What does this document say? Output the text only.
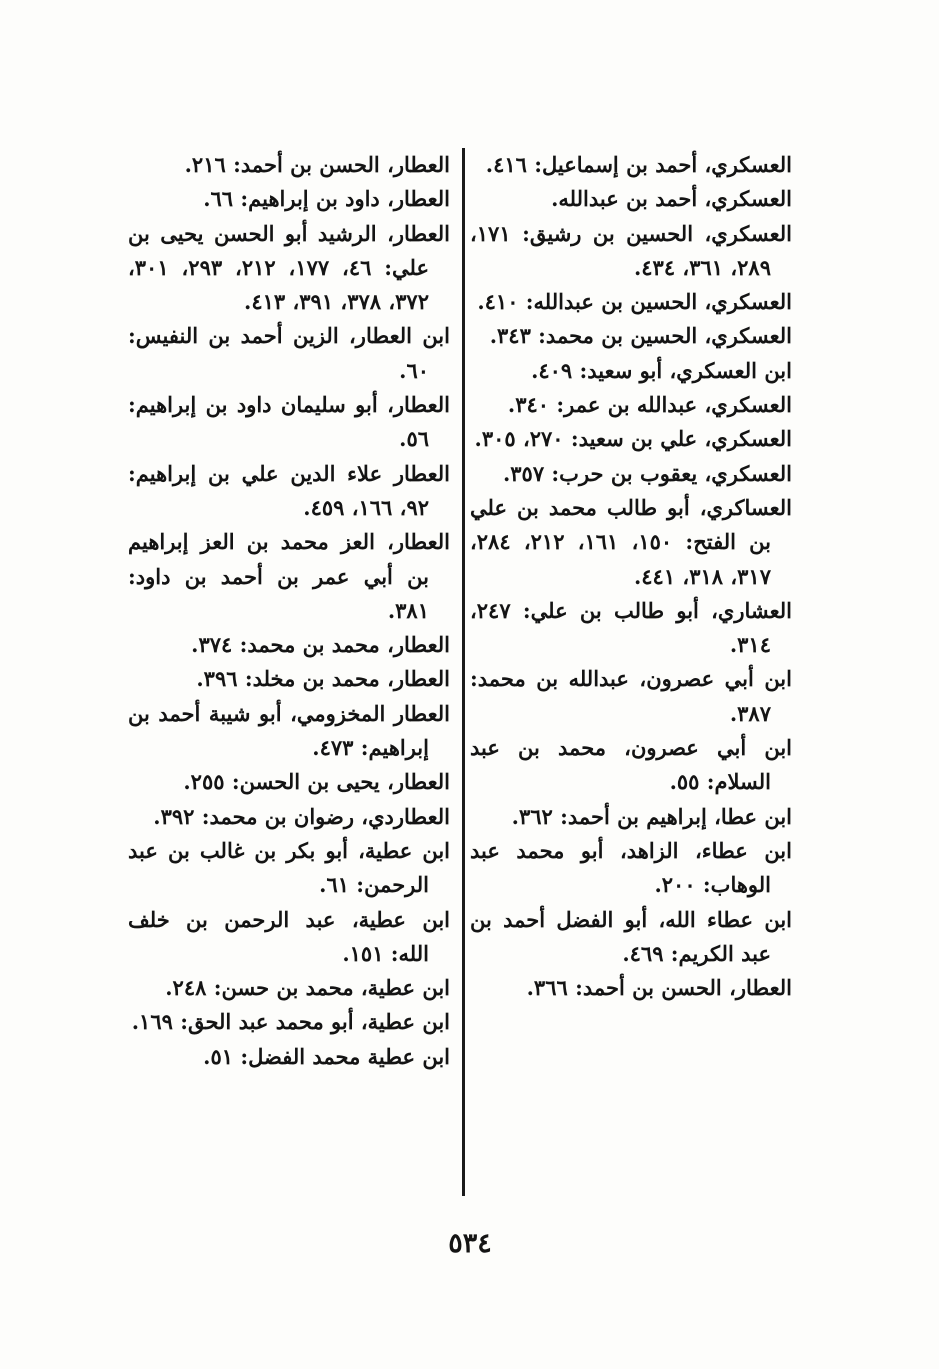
العسكري، أحمد بن إسماعيل: ٤١٦.

العسكري، أحمد بن عبدالله.

العسكري، الحسين بن رشيق: ١٧١، ٢٨٩، ٣٦١، ٤٣٤.

العسكري، الحسين بن عبدالله: ٤١٠.

العسكري، الحسين بن محمد: ٣٤٣.

ابن العسكري، أبو سعيد: ٤٠٩.

العسكري، عبدالله بن عمر: ٣٤٠.

العسكري، علي بن سعيد: ٢٧٠، ٣٠٥.

العسكري، يعقوب بن حرب: ٣٥٧.

العساكري، أبو طالب محمد بن علي بن الفتح: ١٥٠، ١٦١، ٢١٢، ٢٨٤، ٣١٧، ٣١٨، ٤٤١.

العشاري، أبو طالب بن علي: ٢٤٧، ٣١٤.

ابن أبي عصرون، عبدالله بن محمد: ٣٨٧.

ابن أبي عصرون، محمد بن عبد السلام: ٥٥.

ابن عطا، إبراهيم بن أحمد: ٣٦٢.

ابن عطاء، الزاهد، أبو محمد عبد الوهاب: ٢٠٠.

ابن عطاء الله، أبو الفضل أحمد بن عبد الكريم: ٤٦٩.

العطار، الحسن بن أحمد: ٣٦٦.

العطار، الحسن بن أحمد: ٢١٦.

العطار، داود بن إبراهيم: ٦٦.

العطار، الرشيد أبو الحسن يحيى بن علي: ٤٦، ١٧٧، ٢١٢، ٢٩٣، ٣٠١، ٣٧٢، ٣٧٨، ٣٩١، ٤١٣.

ابن العطار، الزين أحمد بن النفيس: ٦٠.

العطار، أبو سليمان داود بن إبراهيم: ٥٦.

العطار علاء الدين علي بن إبراهيم: ٩٢، ١٦٦، ٤٥٩.

العطار، العز محمد بن العز إبراهيم بن أبي عمر بن أحمد بن داود: ٣٨١.

العطار، محمد بن محمد: ٣٧٤.

العطار، محمد بن مخلد: ٣٩٦.

العطار المخزومي، أبو شيبة أحمد بن إبراهيم: ٤٧٣.

العطار، يحيى بن الحسن: ٢٥٥.

العطاردي، رضوان بن محمد: ٣٩٢.

ابن عطية، أبو بكر بن غالب بن عبد الرحمن: ٦١.

ابن عطية، عبد الرحمن بن خلف الله: ١٥١.

ابن عطية، محمد بن حسن: ٢٤٨.

ابن عطية، أبو محمد عبد الحق: ١٦٩.

ابن عطية محمد الفضل: ٥١.

٥٣٤
